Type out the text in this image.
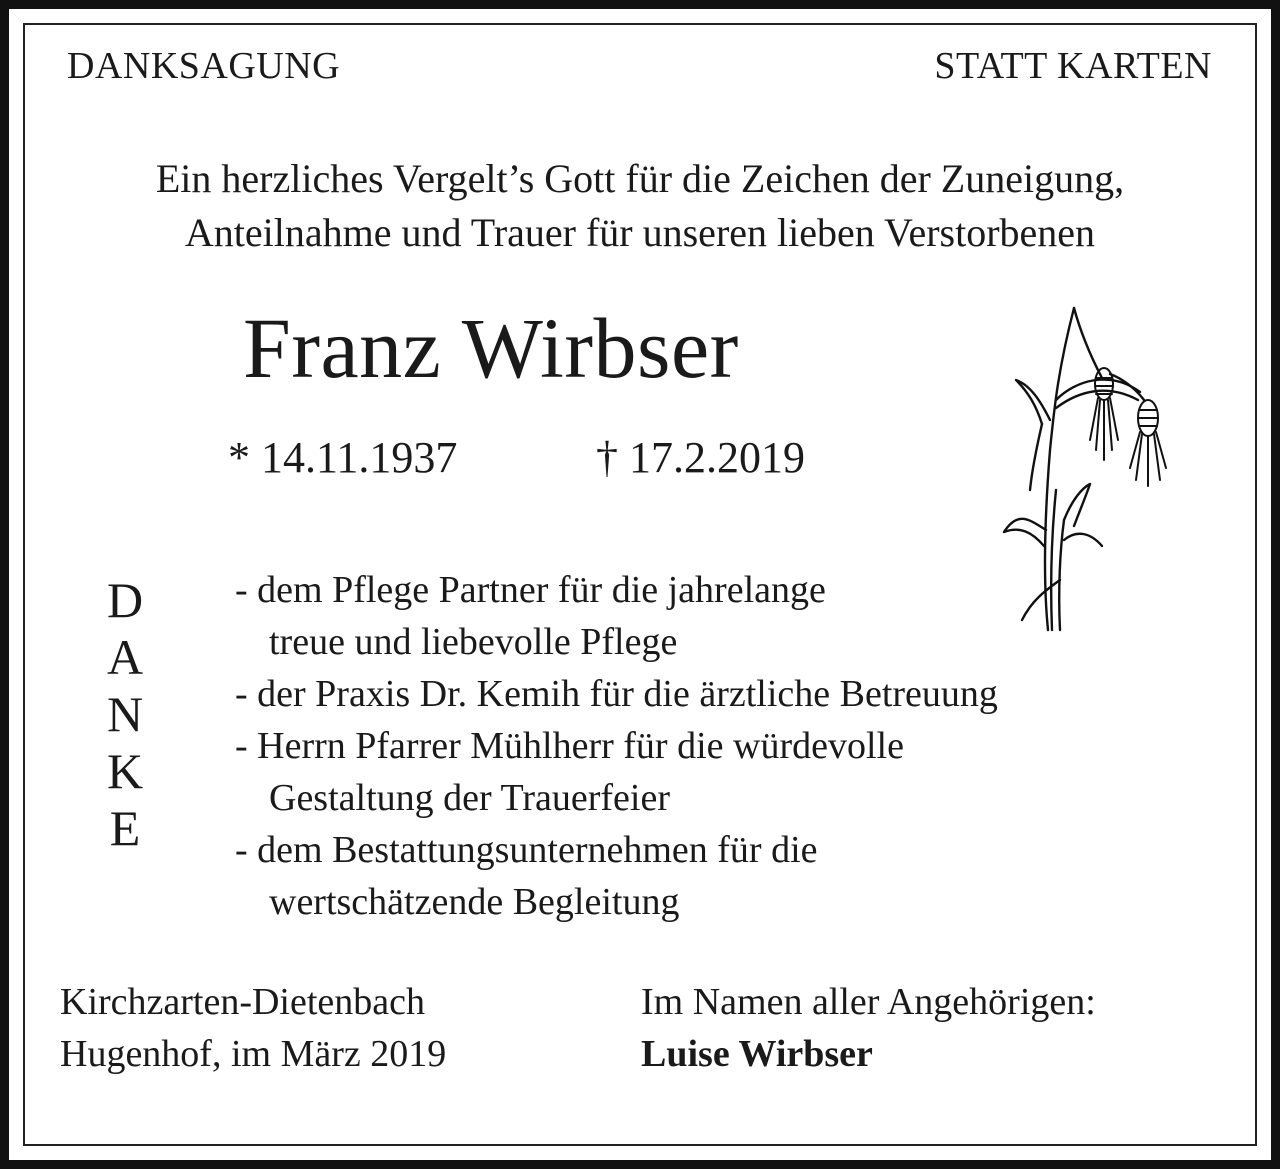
DANKSAGUNG	STATT KARTEN
Ein herzliches Vergelt’s Gott für die Zeichen der Zuneigung,
Anteilnahme und Trauer für unseren lieben Verstorbenen
Franz Wirbser
* 14.11.1937	† 17.2.2019
D
A
N
K
E
- dem Pflege Partner für die jahrelange
treue und liebevolle Pflege
- der Praxis Dr. Kemih für die ärztliche Betreuung
- Herrn Pfarrer Mühlherr für die würdevolle
Gestaltung der Trauerfeier
- dem Bestattungsunternehmen für die
wertschätzende Begleitung
Kirchzarten-Dietenbach
Hugenhof, im März 2019
Im Namen aller Angehörigen:
Luise Wirbser
